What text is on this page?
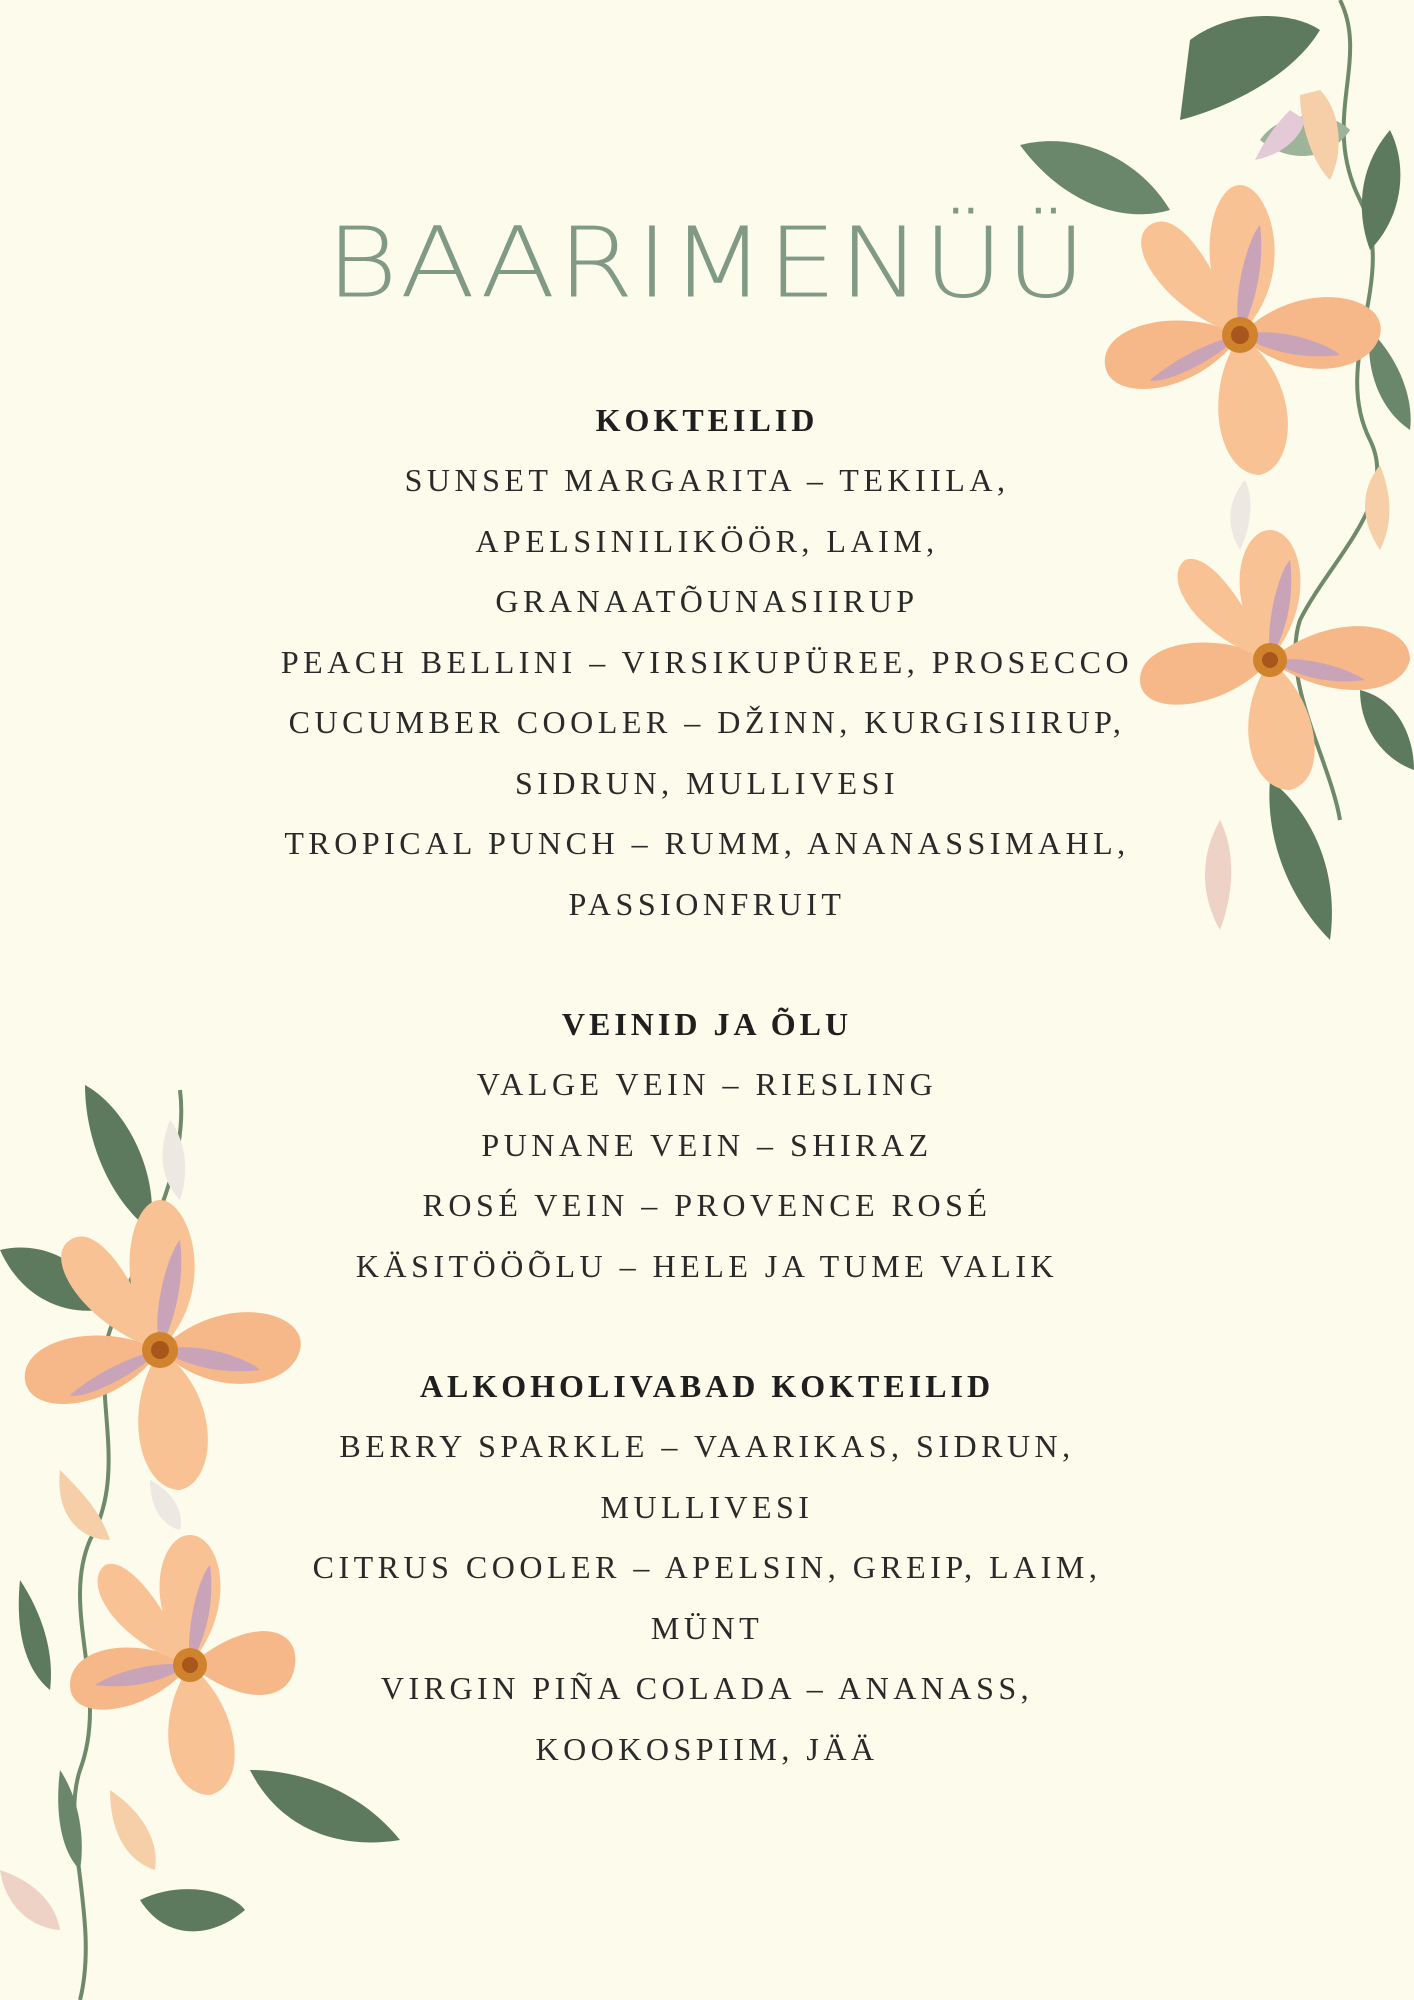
BAARIMENÜÜ
KOKTEILID
SUNSET MARGARITA – TEKIILA,
APELSINILIKÖÖR, LAIM,
GRANAATÕUNASIIRUP
PEACH BELLINI – VIRSIKUPÜREE, PROSECCO
CUCUMBER COOLER – DŽINN, KURGISIIRUP,
SIDRUN, MULLIVESI
TROPICAL PUNCH – RUMM, ANANASSIMAHL,
PASSIONFRUIT
VEINID JA ÕLU
VALGE VEIN – RIESLING
PUNANE VEIN – SHIRAZ
ROSÉ VEIN – PROVENCE ROSÉ
KÄSITÖÖÕLU – HELE JA TUME VALIK
ALKOHOLIVABAD KOKTEILID
BERRY SPARKLE – VAARIKAS, SIDRUN,
MULLIVESI
CITRUS COOLER – APELSIN, GREIP, LAIM,
MÜNT
VIRGIN PIÑA COLADA – ANANASS,
KOOKOSPIIM, JÄÄ
